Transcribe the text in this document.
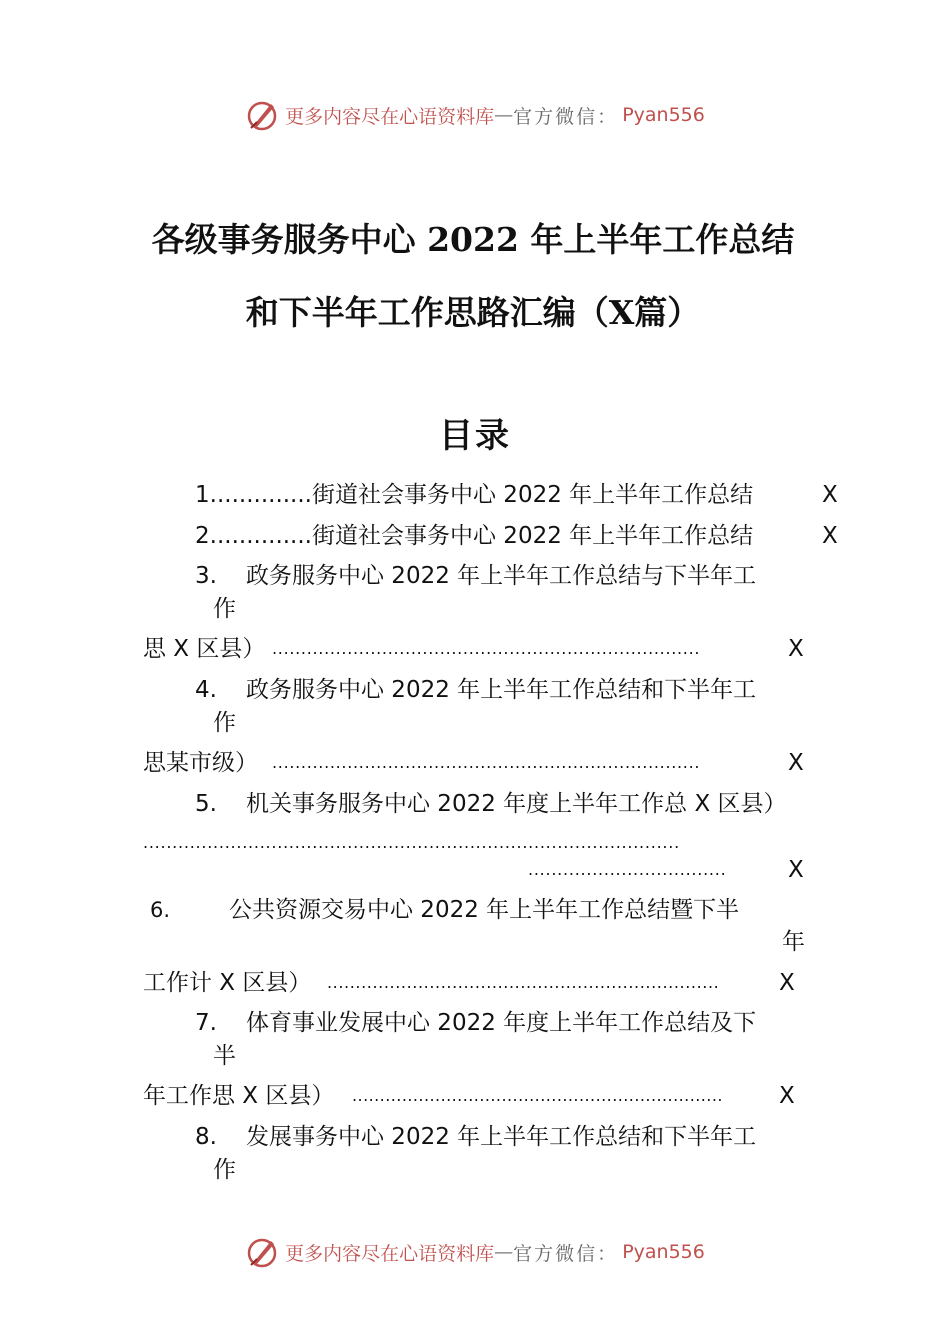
更多内容尽在心语资料库 — 官方微信： Pyan556
各级事务服务中心 2022 年上半年工作总结
和下半年工作思路汇编（X篇）
目录
1..............街道社会事务中心 2022 年上半年工作总结	X
2..............街道社会事务中心 2022 年上半年工作总结	X
3. 政务服务中心 2022 年上半年工作总结与下半年工
作
思 X 区县） ..........................................................................	X
4. 政务服务中心 2022 年上半年工作总结和下半年工
作
思某市级） ..........................................................................	X
5. 机关事务服务中心 2022 年度上半年工作总 X 区县）
............................................................................................
..................................	X
6.	公共资源交易中心 2022 年上半年工作总结暨下半
年
工作计 X 区县） .....................................................................	X
7. 体育事业发展中心 2022 年度上半年工作总结及下
半
年工作思 X 区县） ................................................................... X
8. 发展事务中心 2022 年上半年工作总结和下半年工
作
更多内容尽在心语资料库 — 官方微信： Pyan556
